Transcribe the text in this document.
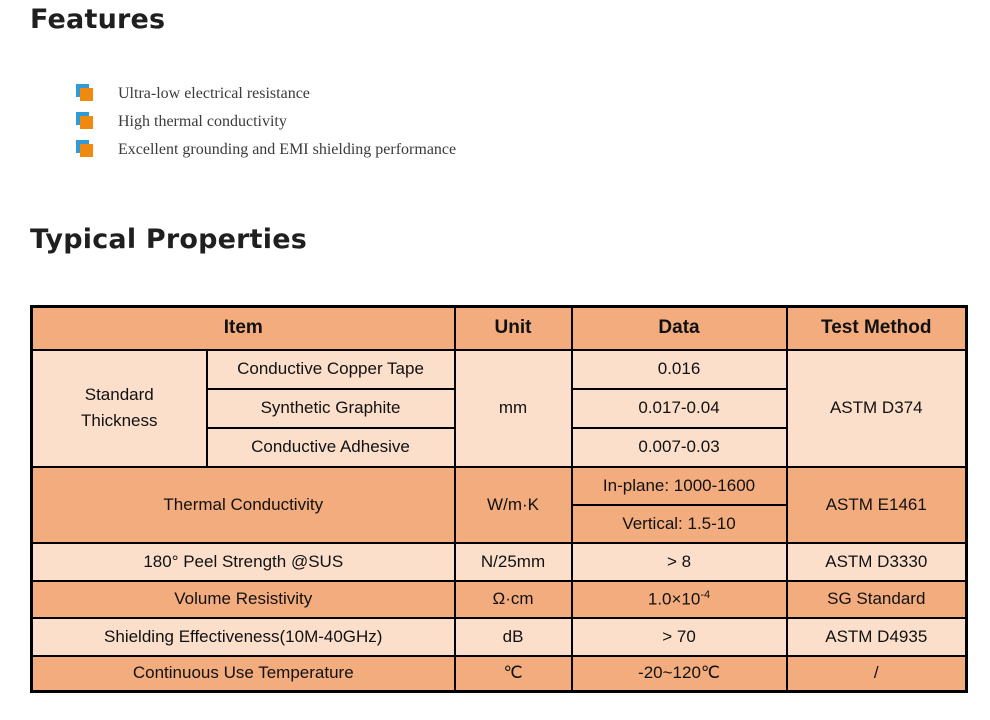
Features
Ultra-low electrical resistance
High thermal conductivity
Excellent grounding and EMI shielding performance
Typical Properties
Item		Unit	Data	Test Method
Standard Thickness	Conductive Copper Tape	mm	0.016	ASTM D374
	Synthetic Graphite		0.017-0.04	
	Conductive Adhesive		0.007-0.03	
Thermal Conductivity		W/m·K	In-plane: 1000-1600	ASTM E1461
			Vertical: 1.5-10	
180° Peel Strength @SUS		N/25mm	> 8	ASTM D3330
Volume Resistivity		Ω·cm	$1.0\times 10^{-4}$	SG Standard
Shielding Effectiveness(10M-40GHz)		dB	> 70	ASTM D4935
Continuous Use Temperature		℃	-20~120℃	/
